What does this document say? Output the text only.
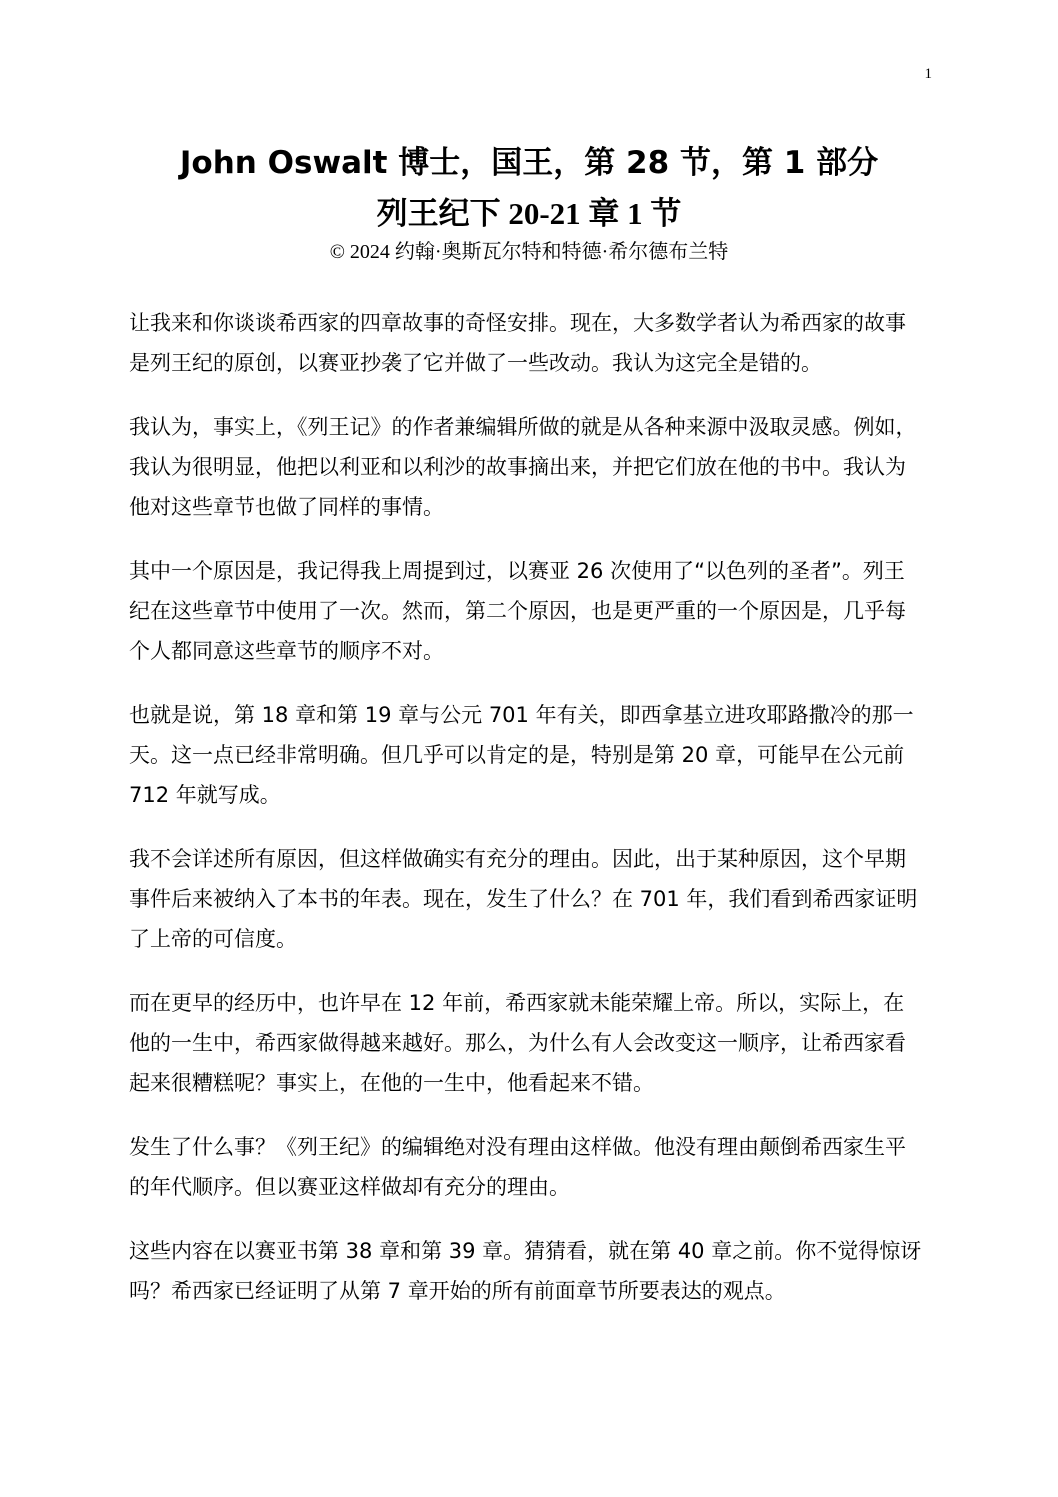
1
John Oswalt 博士，国王，第 28 节，第 1 部分
列王纪下 20-21 章 1 节

© 2024 约翰·奥斯瓦尔特和特德·希尔德布兰特

让我来和你谈谈希西家的四章故事的奇怪安排。现在，大多数学者认为希西家的故事是列王纪的原创，以赛亚抄袭了它并做了一些改动。我认为这完全是错的。

我认为，事实上，《列王记》的作者兼编辑所做的就是从各种来源中汲取灵感。例如，我认为很明显，他把以利亚和以利沙的故事摘出来，并把它们放在他的书中。我认为他对这些章节也做了同样的事情。

其中一个原因是，我记得我上周提到过，以赛亚 26 次使用了“以色列的圣者”。列王纪在这些章节中使用了一次。然而，第二个原因，也是更严重的一个原因是，几乎每个人都同意这些章节的顺序不对。

也就是说，第 18 章和第 19 章与公元 701 年有关，即西拿基立进攻耶路撒冷的那一天。这一点已经非常明确。但几乎可以肯定的是，特别是第 20 章，可能早在公元前 712 年就写成。

我不会详述所有原因，但这样做确实有充分的理由。因此，出于某种原因，这个早期事件后来被纳入了本书的年表。现在，发生了什么？在 701 年，我们看到希西家证明了上帝的可信度。

而在更早的经历中，也许早在 12 年前，希西家就未能荣耀上帝。所以，实际上，在他的一生中，希西家做得越来越好。那么，为什么有人会改变这一顺序，让希西家看起来很糟糕呢？事实上，在他的一生中，他看起来不错。

发生了什么事？《列王纪》的编辑绝对没有理由这样做。他没有理由颠倒希西家生平的年代顺序。但以赛亚这样做却有充分的理由。

这些内容在以赛亚书第 38 章和第 39 章。猜猜看，就在第 40 章之前。你不觉得惊讶吗？希西家已经证明了从第 7 章开始的所有前面章节所要表达的观点。
